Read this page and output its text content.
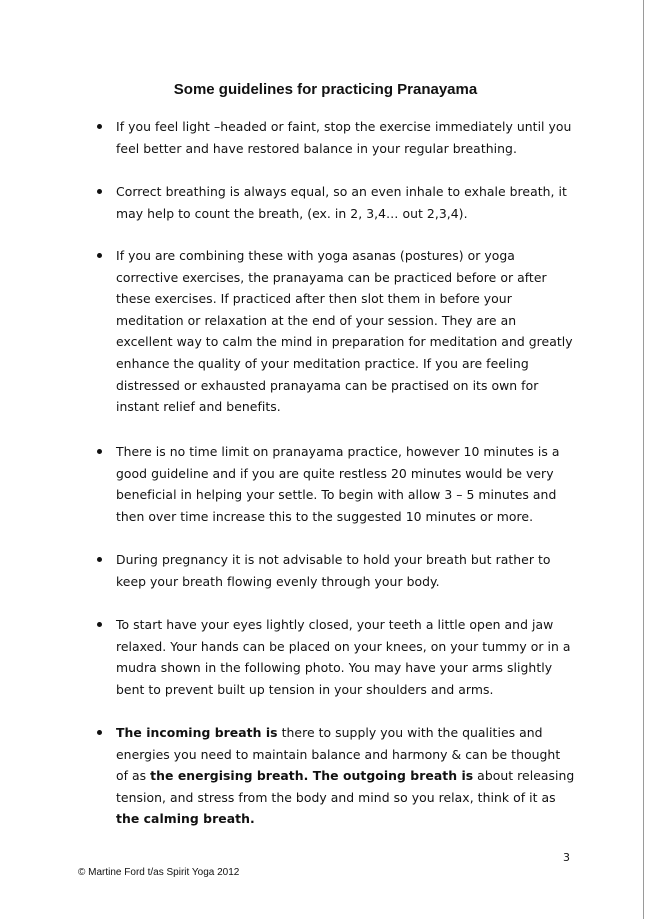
Some guidelines for practicing Pranayama
If you feel light –headed or faint, stop the exercise immediately until you feel better and have restored balance in your regular breathing.
Correct breathing is always equal, so an even inhale to exhale breath, it may help to count the breath, (ex. in 2, 3,4… out 2,3,4).
If you are combining these with yoga asanas (postures) or yoga corrective exercises, the pranayama can be practiced before or after these exercises. If practiced after then slot them in before your meditation or relaxation at the end of your session. They are an excellent way to calm the mind in preparation for meditation and greatly enhance the quality of your meditation practice. If you are feeling distressed or exhausted pranayama can be practised on its own for instant relief and benefits.
There is no time limit on pranayama practice, however 10 minutes is a good guideline and if you are quite restless 20 minutes would be very beneficial in helping your settle. To begin with allow 3 – 5 minutes and then over time increase this to the suggested 10 minutes or more.
During pregnancy it is not advisable to hold your breath but rather to keep your breath flowing evenly through your body.
To start have your eyes lightly closed, your teeth a little open and jaw relaxed. Your hands can be placed on your knees, on your tummy or in a mudra shown in the following photo. You may have your arms slightly bent to prevent built up tension in your shoulders and arms.
The incoming breath is there to supply you with the qualities and energies you need to maintain balance and harmony & can be thought of as the energising breath. The outgoing breath is about releasing tension, and stress from the body and mind so you relax, think of it as the calming breath.
3
© Martine Ford t/as Spirit Yoga 2012
